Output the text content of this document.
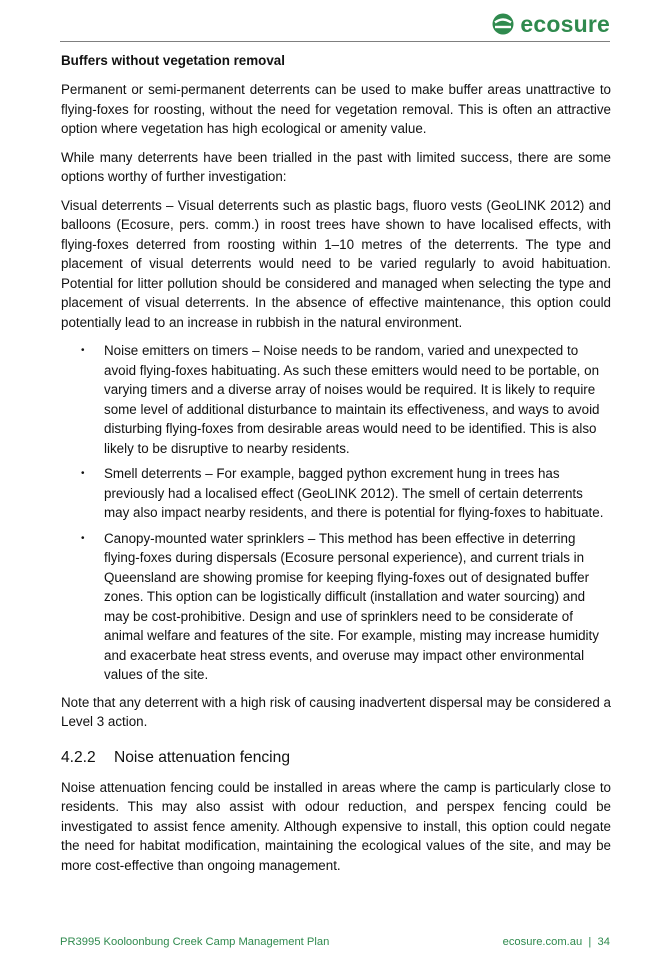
ecosure
Buffers without vegetation removal

Permanent or semi-permanent deterrents can be used to make buffer areas unattractive to flying-foxes for roosting, without the need for vegetation removal. This is often an attractive option where vegetation has high ecological or amenity value.

While many deterrents have been trialled in the past with limited success, there are some options worthy of further investigation:

Visual deterrents – Visual deterrents such as plastic bags, fluoro vests (GeoLINK 2012) and balloons (Ecosure, pers. comm.) in roost trees have shown to have localised effects, with flying-foxes deterred from roosting within 1–10 metres of the deterrents. The type and placement of visual deterrents would need to be varied regularly to avoid habituation. Potential for litter pollution should be considered and managed when selecting the type and placement of visual deterrents. In the absence of effective maintenance, this option could potentially lead to an increase in rubbish in the natural environment.

• Noise emitters on timers – Noise needs to be random, varied and unexpected to avoid flying-foxes habituating. As such these emitters would need to be portable, on varying timers and a diverse array of noises would be required. It is likely to require some level of additional disturbance to maintain its effectiveness, and ways to avoid disturbing flying-foxes from desirable areas would need to be identified. This is also likely to be disruptive to nearby residents.
• Smell deterrents – For example, bagged python excrement hung in trees has previously had a localised effect (GeoLINK 2012). The smell of certain deterrents may also impact nearby residents, and there is potential for flying-foxes to habituate.
• Canopy-mounted water sprinklers – This method has been effective in deterring flying-foxes during dispersals (Ecosure personal experience), and current trials in Queensland are showing promise for keeping flying-foxes out of designated buffer zones. This option can be logistically difficult (installation and water sourcing) and may be cost-prohibitive. Design and use of sprinklers need to be considerate of animal welfare and features of the site. For example, misting may increase humidity and exacerbate heat stress events, and overuse may impact other environmental values of the site.

Note that any deterrent with a high risk of causing inadvertent dispersal may be considered a Level 3 action.

4.2.2	Noise attenuation fencing

Noise attenuation fencing could be installed in areas where the camp is particularly close to residents. This may also assist with odour reduction, and perspex fencing could be investigated to assist fence amenity. Although expensive to install, this option could negate the need for habitat modification, maintaining the ecological values of the site, and may be more cost-effective than ongoing management.

PR3995 Kooloonbung Creek Camp Management Plan	ecosure.com.au  |  34
